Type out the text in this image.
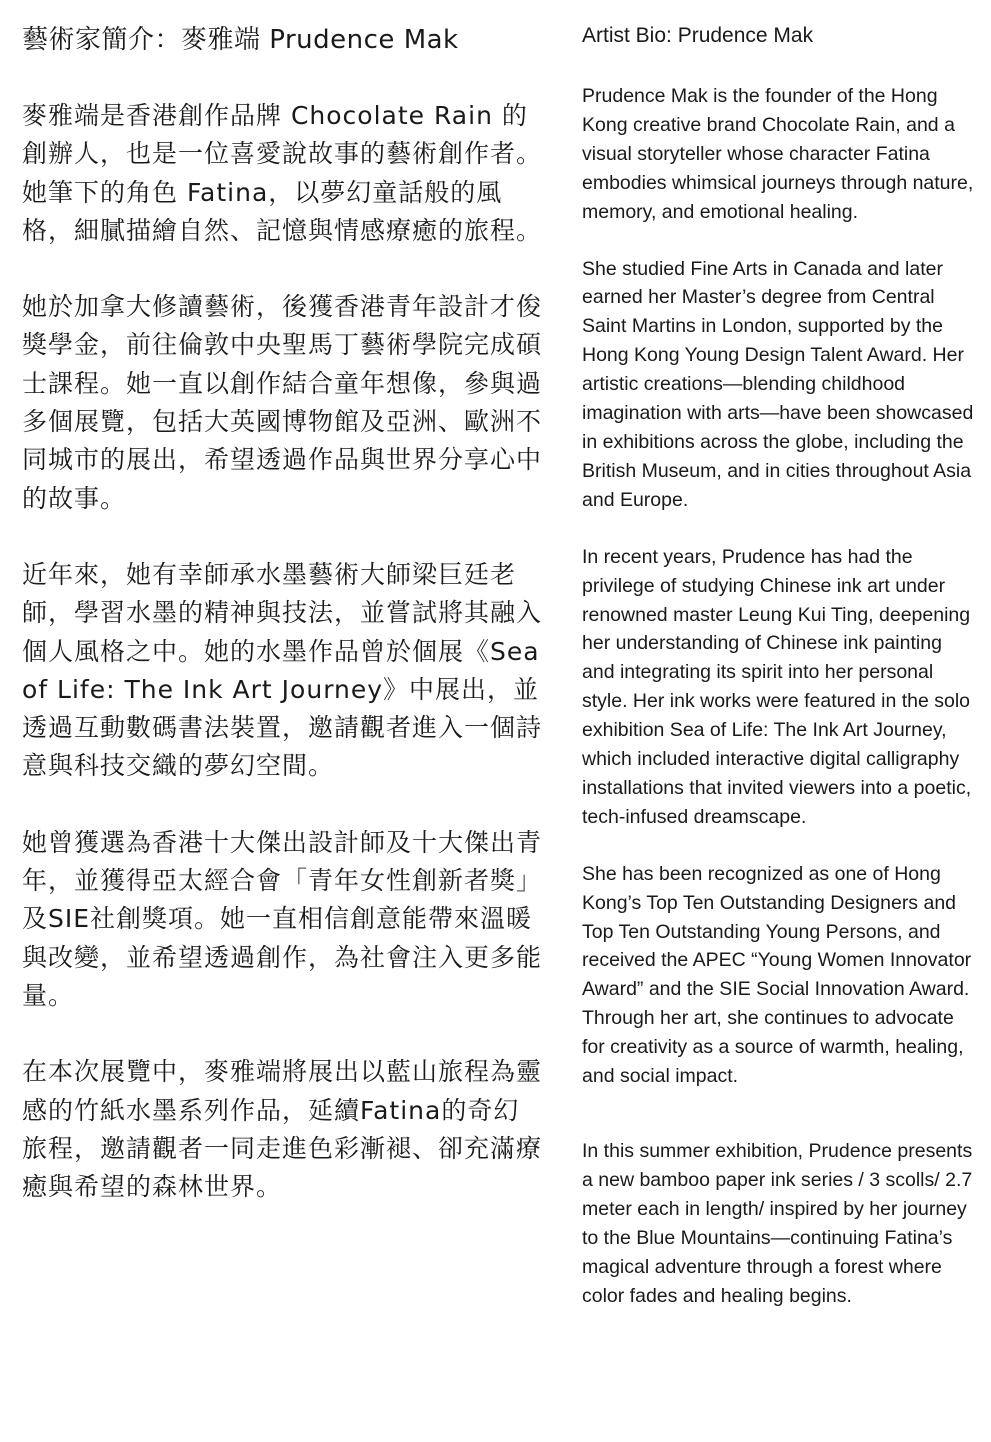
藝術家簡介：麥雅端 Prudence Mak

麥雅端是香港創作品牌 Chocolate Rain 的創辦人，也是一位喜愛說故事的藝術創作者。她筆下的角色 Fatina，以夢幻童話般的風格，細膩描繪自然、記憶與情感療癒的旅程。

她於加拿大修讀藝術，後獲香港青年設計才俊獎學金，前往倫敦中央聖馬丁藝術學院完成碩士課程。她一直以創作結合童年想像，參與過多個展覽，包括大英國博物館及亞洲、歐洲不同城市的展出，希望透過作品與世界分享心中的故事。

近年來，她有幸師承水墨藝術大師梁巨廷老師，學習水墨的精神與技法，並嘗試將其融入個人風格之中。她的水墨作品曾於個展《Sea of Life: The Ink Art Journey》中展出，並透過互動數碼書法裝置，邀請觀者進入一個詩意與科技交織的夢幻空間。

她曾獲選為香港十大傑出設計師及十大傑出青年，並獲得亞太經合會「青年女性創新者獎」及SIE社創獎項。她一直相信創意能帶來溫暖與改變，並希望透過創作，為社會注入更多能量。

在本次展覽中，麥雅端將展出以藍山旅程為靈感的竹紙水墨系列作品，延續Fatina的奇幻旅程，邀請觀者一同走進色彩漸褪、卻充滿療癒與希望的森林世界。

Artist Bio: Prudence Mak

Prudence Mak is the founder of the Hong Kong creative brand Chocolate Rain, and a visual storyteller whose character Fatina embodies whimsical journeys through nature, memory, and emotional healing.

She studied Fine Arts in Canada and later earned her Master’s degree from Central Saint Martins in London, supported by the Hong Kong Young Design Talent Award. Her artistic creations—blending childhood imagination with arts—have been showcased in exhibitions across the globe, including the British Museum, and in cities throughout Asia and Europe.

In recent years, Prudence has had the privilege of studying Chinese ink art under renowned master Leung Kui Ting, deepening her understanding of Chinese ink painting and integrating its spirit into her personal style. Her ink works were featured in the solo exhibition Sea of Life: The Ink Art Journey, which included interactive digital calligraphy installations that invited viewers into a poetic, tech-infused dreamscape.

She has been recognized as one of Hong Kong’s Top Ten Outstanding Designers and Top Ten Outstanding Young Persons, and received the APEC “Young Women Innovator Award” and the SIE Social Innovation Award. Through her art, she continues to advocate for creativity as a source of warmth, healing, and social impact.

In this summer exhibition, Prudence presents a new bamboo paper ink series / 3 scolls/ 2.7 meter each in length/ inspired by her journey to the Blue Mountains—continuing Fatina’s magical adventure through a forest where color fades and healing begins.
